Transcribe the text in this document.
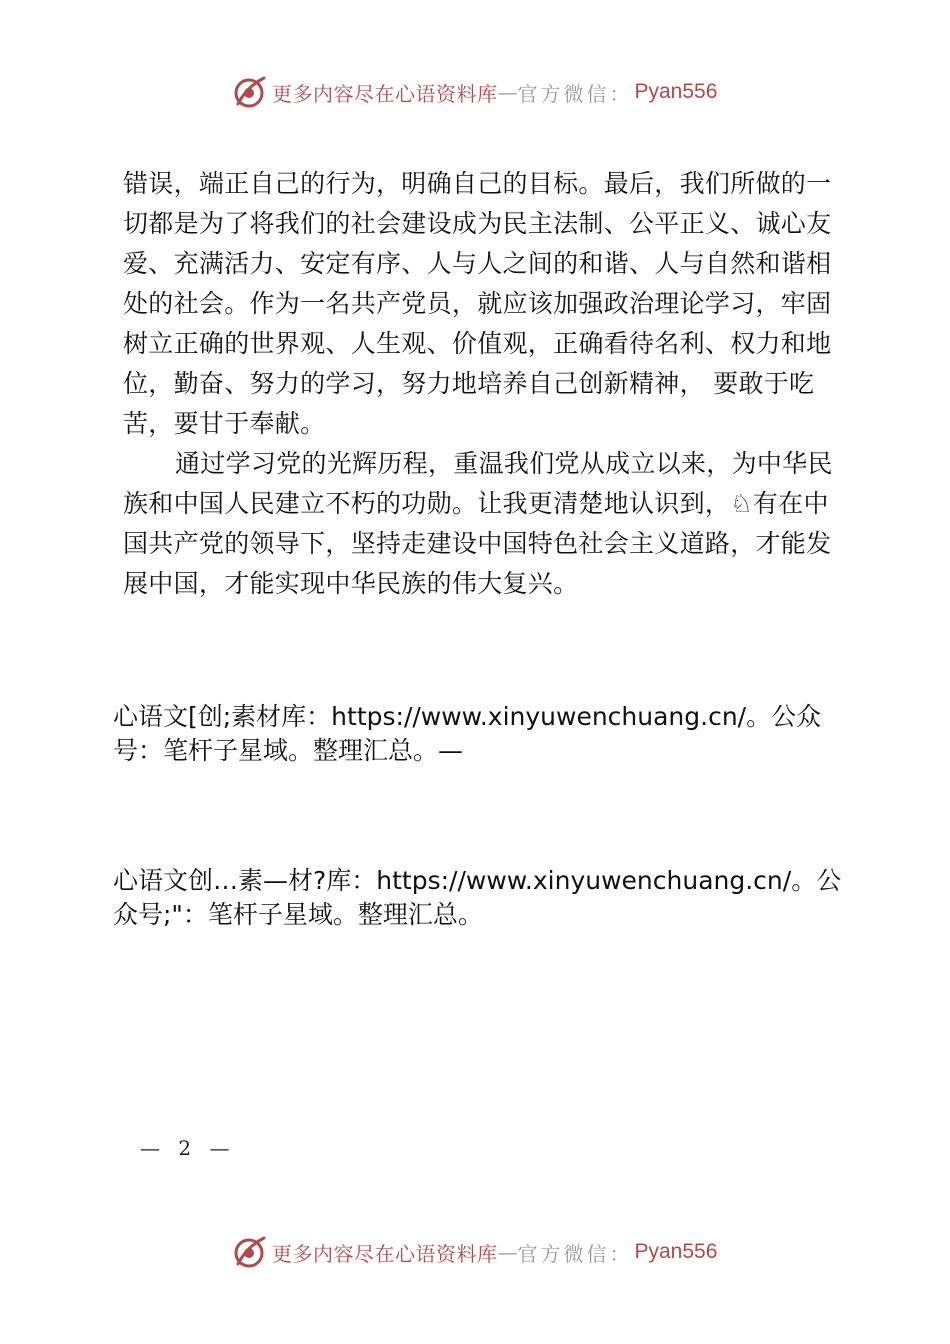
更多内容尽在心语资料库 — 官方微信： Pyan556

错误，端正自己的行为，明确自己的目标。最后，我们所做的一切都是为了将我们的社会建设成为民主法制、公平正义、诚心友爱、充满活力、安定有序、人与人之间的和谐、人与自然和谐相处的社会。作为一名共产党员，就应该加强政治理论学习，牢固树立正确的世界观、人生观、价值观，正确看待名利、权力和地位，勤奋、努力的学习，努力地培养自己创新精神， 要敢于吃苦，要甘于奉献。

通过学习党的光辉历程，重温我们党从成立以来，为中华民族和中国人民建立不朽的功勋。让我更清楚地认识到，♘有在中国共产党的领导下，坚持走建设中国特色社会主义道路，才能发展中国，才能实现中华民族的伟大复兴。

心语文[创;素材库：https://www.xinyuwenchuang.cn/。公众号：笔杆子星域。整理汇总。—
心语文创…素—材?库：https://www.xinyuwenchuang.cn/。公众号;"：笔杆子星域。整理汇总。
— 2 —
更多内容尽在心语资料库 — 官方微信： Pyan556
